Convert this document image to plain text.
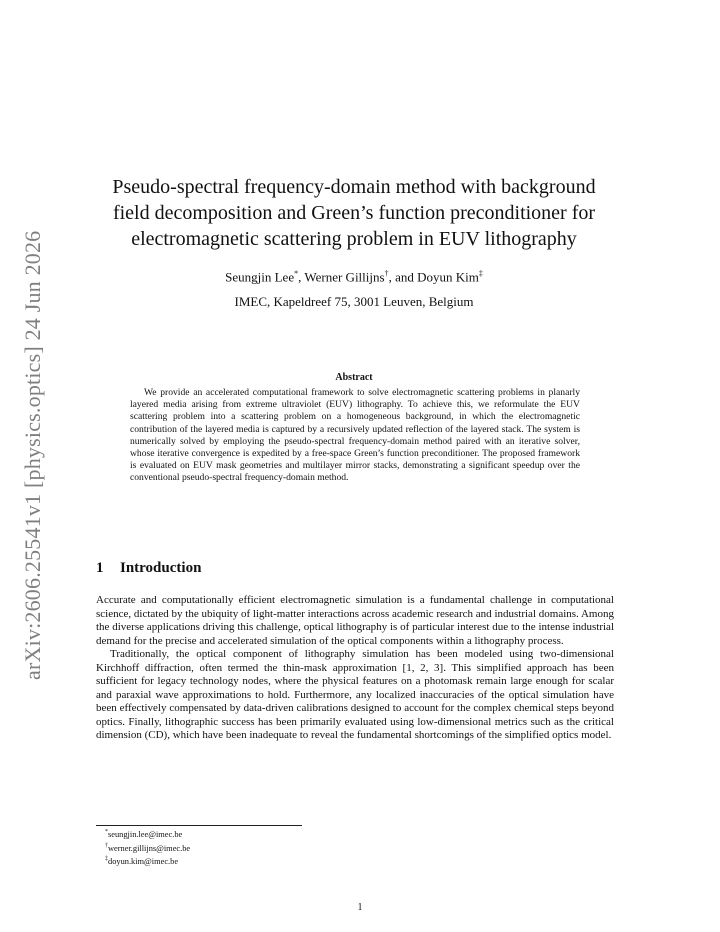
arXiv:2606.25541v1 [physics.optics] 24 Jun 2026
Pseudo-spectral frequency-domain method with background
field decomposition and Green’s function preconditioner for
electromagnetic scattering problem in EUV lithography
Seungjin Lee*, Werner Gillijns†, and Doyun Kim‡
IMEC, Kapeldreef 75, 3001 Leuven, Belgium
Abstract

We provide an accelerated computational framework to solve electromagnetic scattering problems in planarly layered media arising from extreme ultraviolet (EUV) lithography. To achieve this, we reformulate the EUV scattering problem into a scattering problem on a homogeneous background, in which the electromagnetic contribution of the layered media is captured by a recursively updated reflection of the layered stack. The system is numerically solved by employing the pseudo-spectral frequency-domain method paired with an iterative solver, whose iterative convergence is expedited by a free-space Green’s function preconditioner. The proposed framework is evaluated on EUV mask geometries and multilayer mirror stacks, demonstrating a significant speedup over the conventional pseudo-spectral frequency-domain method.

1 Introduction

Accurate and computationally efficient electromagnetic simulation is a fundamental challenge in computational science, dictated by the ubiquity of light-matter interactions across academic research and industrial domains. Among the diverse applications driving this challenge, optical lithography is of particular interest due to the intense industrial demand for the precise and accelerated simulation of the optical components within a lithography process.

Traditionally, the optical component of lithography simulation has been modeled using two-dimensional Kirchhoff diffraction, often termed the thin-mask approximation [1, 2, 3]. This simplified approach has been sufficient for legacy technology nodes, where the physical features on a photomask remain large enough for scalar and paraxial wave approximations to hold. Furthermore, any localized inaccuracies of the optical simulation have been effectively compensated by data-driven calibrations designed to account for the complex chemical steps beyond optics. Finally, lithographic success has been primarily evaluated using low-dimensional metrics such as the critical dimension (CD), which have been inadequate to reveal the fundamental shortcomings of the simplified optics model.

*seungjin.lee@imec.be
†werner.gillijns@imec.be
‡doyun.kim@imec.be
1
